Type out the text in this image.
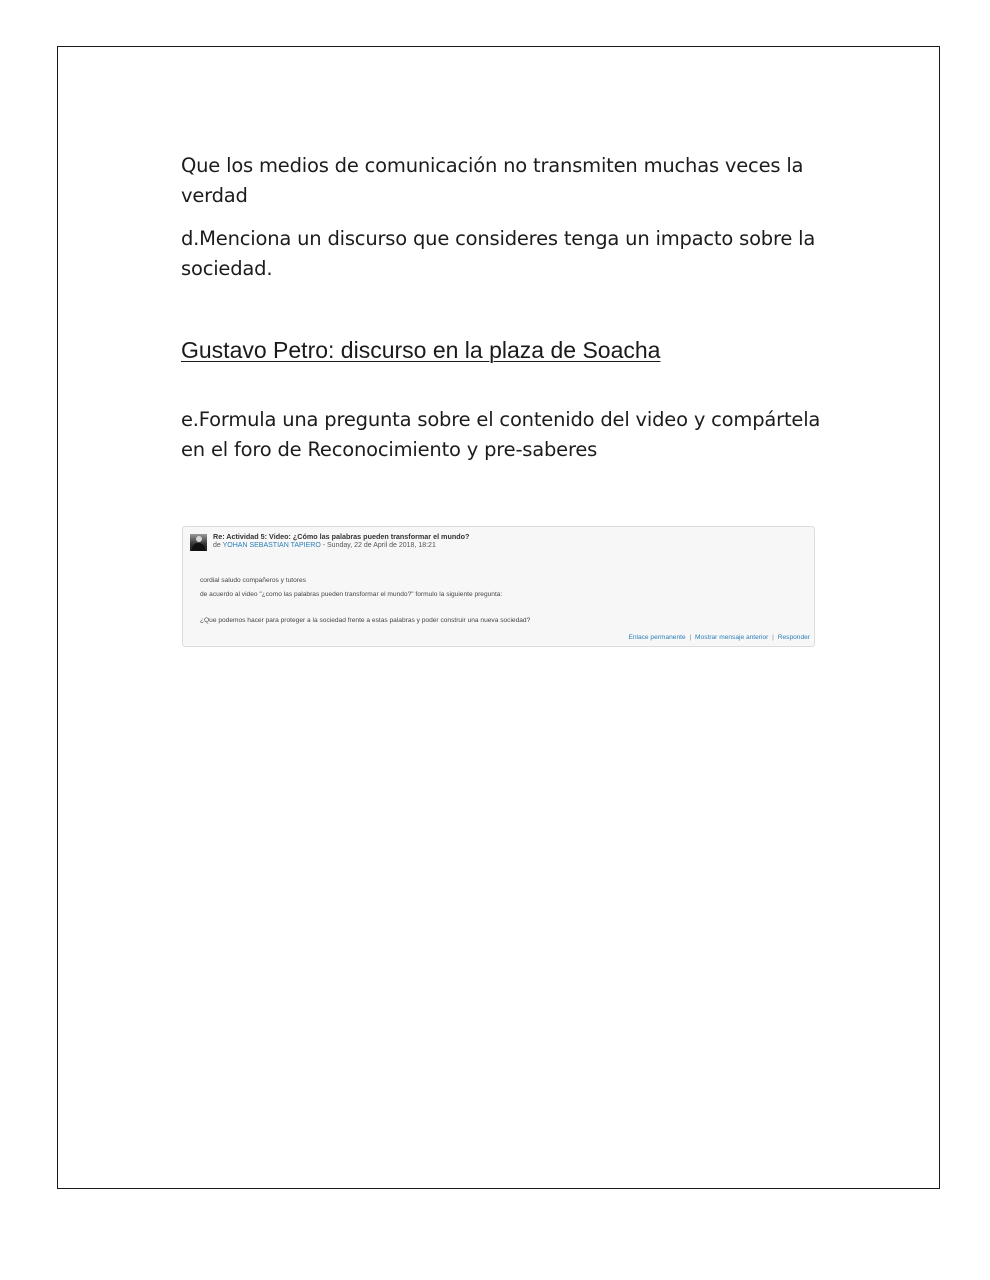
Que los medios de comunicación no transmiten muchas veces la verdad

d.Menciona un discurso que consideres tenga un impacto sobre la sociedad.

Gustavo Petro: discurso en la plaza de Soacha

e.Formula una pregunta sobre el contenido del video y compártela en el foro de Reconocimiento y pre-saberes

Re: Actividad 5: Video: ¿Cómo las palabras pueden transformar el mundo?
de YOHAN SEBASTIAN TAPIERO - Sunday, 22 de April de 2018, 18:21
cordial saludo compañeros y tutores
de acuerdo al video "¿como las palabras pueden transformar el mundo?" formulo la siguiente pregunta:
¿Que podemos hacer para proteger a la sociedad frente a estas palabras y poder construir una nueva sociedad?
Enlace permanente | Mostrar mensaje anterior | Responder
